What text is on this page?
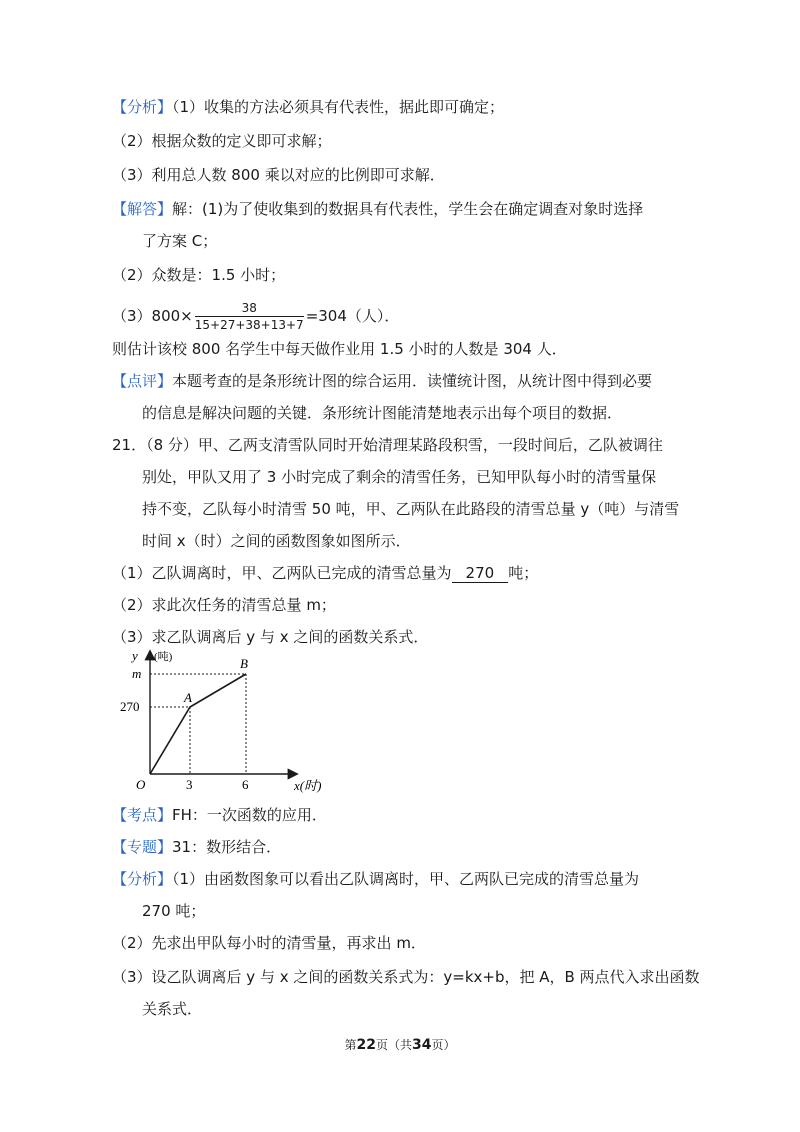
【分析】（1）收集的方法必须具有代表性，据此即可确定；
（2）根据众数的定义即可求解；
（3）利用总人数 800 乘以对应的比例即可求解．
【解答】解：(1)为了使收集到的数据具有代表性，学生会在确定调查对象时选择
了方案 C；
（2）众数是：1.5 小时；
$(3)800\times \frac{38}{15+27+38+13+7} =304$（人）．
则估计该校 800 名学生中每天做作业用 1.5 小时的人数是 304 人．
【点评】本题考查的是条形统计图的综合运用．读懂统计图，从统计图中得到必要
的信息是解决问题的关键．条形统计图能清楚地表示出每个项目的数据．
21．（8 分）甲、乙两支清雪队同时开始清理某路段积雪，一段时间后，乙队被调往
别处，甲队又用了 3 小时完成了剩余的清雪任务，已知甲队每小时的清雪量保
持不变，乙队每小时清雪 50 吨，甲、乙两队在此路段的清雪总量 y（吨）与清雪
时间 x（时）之间的函数图象如图所示．
（1）乙队调离时，甲、乙两队已完成的清雪总量为 270 吨；
（2）求此次任务的清雪总量 m；
（3）求乙队调离后 y 与 x 之间的函数关系式．
y (吨)
m
270
O	3	6	x(时)
A
B
【考点】FH：一次函数的应用．
【专题】31：数形结合．
【分析】（1）由函数图象可以看出乙队调离时，甲、乙两队已完成的清雪总量为
270 吨；
（2）先求出甲队每小时的清雪量，再求出 m．
（3）设乙队调离后 y 与 x 之间的函数关系式为：y=kx+b，把 A，B 两点代入求出函数
关系式．
第22页（共34页）
